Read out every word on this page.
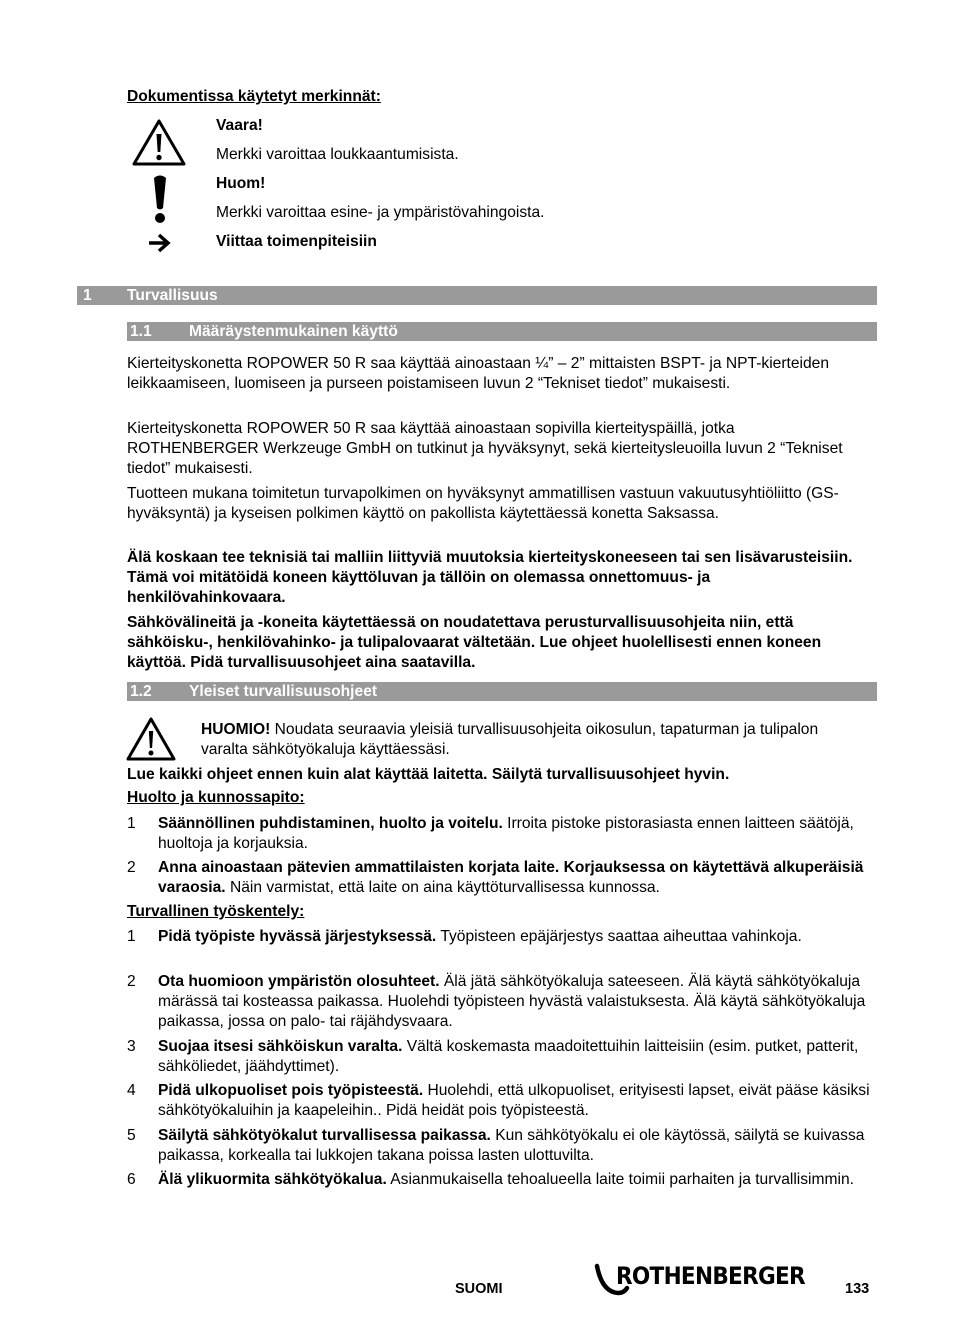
Dokumentissa käytetyt merkinnät:
Vaara!
Merkki varoittaa loukkaantumisista.
Huom!
Merkki varoittaa esine- ja ympäristövahingoista.
Viittaa toimenpiteisiin
1 Turvallisuus
1.1 Määräystenmukainen käyttö

Kierteityskonetta ROPOWER 50 R saa käyttää ainoastaan ¼” – 2” mittaisten BSPT- ja NPT-kierteiden leikkaamiseen, luomiseen ja purseen poistamiseen luvun 2 “Tekniset tiedot” mukaisesti.

Kierteityskonetta ROPOWER 50 R saa käyttää ainoastaan sopivilla kierteityspäillä, jotka ROTHENBERGER Werkzeuge GmbH on tutkinut ja hyväksynyt, sekä kierteitysleuoilla luvun 2 “Tekniset tiedot” mukaisesti.

Tuotteen mukana toimitetun turvapolkimen on hyväksynyt ammatillisen vastuun vakuutusyhtiöliitto (GS-hyväksyntä) ja kyseisen polkimen käyttö on pakollista käytettäessä konetta Saksassa.

Älä koskaan tee teknisiä tai malliin liittyviä muutoksia kierteityskoneeseen tai sen lisävarusteisiin. Tämä voi mitätöidä koneen käyttöluvan ja tällöin on olemassa onnettomuus- ja henkilövahinkovaara.

Sähkövälineitä ja -koneita käytettäessä on noudatettava perusturvallisuusohjeita niin, että sähköisku-, henkilövahinko- ja tulipalovaarat vältetään. Lue ohjeet huolellisesti ennen koneen käyttöä. Pidä turvallisuusohjeet aina saatavilla.

1.2 Yleiset turvallisuusohjeet
HUOMIO! Noudata seuraavia yleisiä turvallisuusohjeita oikosulun, tapaturman ja tulipalon varalta sähkötyökaluja käyttäessäsi.
Lue kaikki ohjeet ennen kuin alat käyttää laitetta. Säilytä turvallisuusohjeet hyvin.
Huolto ja kunnossapito:
1 Säännöllinen puhdistaminen, huolto ja voitelu. Irroita pistoke pistorasiasta ennen laitteen säätöjä, huoltoja ja korjauksia.
2 Anna ainoastaan pätevien ammattilaisten korjata laite. Korjauksessa on käytettävä alkuperäisiä varaosia. Näin varmistat, että laite on aina käyttöturvallisessa kunnossa.
Turvallinen työskentely:
1 Pidä työpiste hyvässä järjestyksessä. Työpisteen epäjärjestys saattaa aiheuttaa vahinkoja.
2 Ota huomioon ympäristön olosuhteet. Älä jätä sähkötyökaluja sateeseen. Älä käytä sähkötyökaluja märässä tai kosteassa paikassa. Huolehdi työpisteen hyvästä valaistuksesta. Älä käytä sähkötyökaluja paikassa, jossa on palo- tai räjähdysvaara.
3 Suojaa itsesi sähköiskun varalta. Vältä koskemasta maadoitettuihin laitteisiin (esim. putket, patterit, sähköliedet, jäähdyttimet).
4 Pidä ulkopuoliset pois työpisteestä. Huolehdi, että ulkopuoliset, erityisesti lapset, eivät pääse käsiksi sähkötyökaluihin ja kaapeleihin.. Pidä heidät pois työpisteestä.
5 Säilytä sähkötyökalut turvallisessa paikassa. Kun sähkötyökalu ei ole käytössä, säilytä se kuivassa paikassa, korkealla tai lukkojen takana poissa lasten ulottuvilta.
6 Älä ylikuormita sähkötyökalua. Asianmukaisella tehoalueella laite toimii parhaiten ja turvallisimmin.
SUOMI	ROTHENBERGER	133
